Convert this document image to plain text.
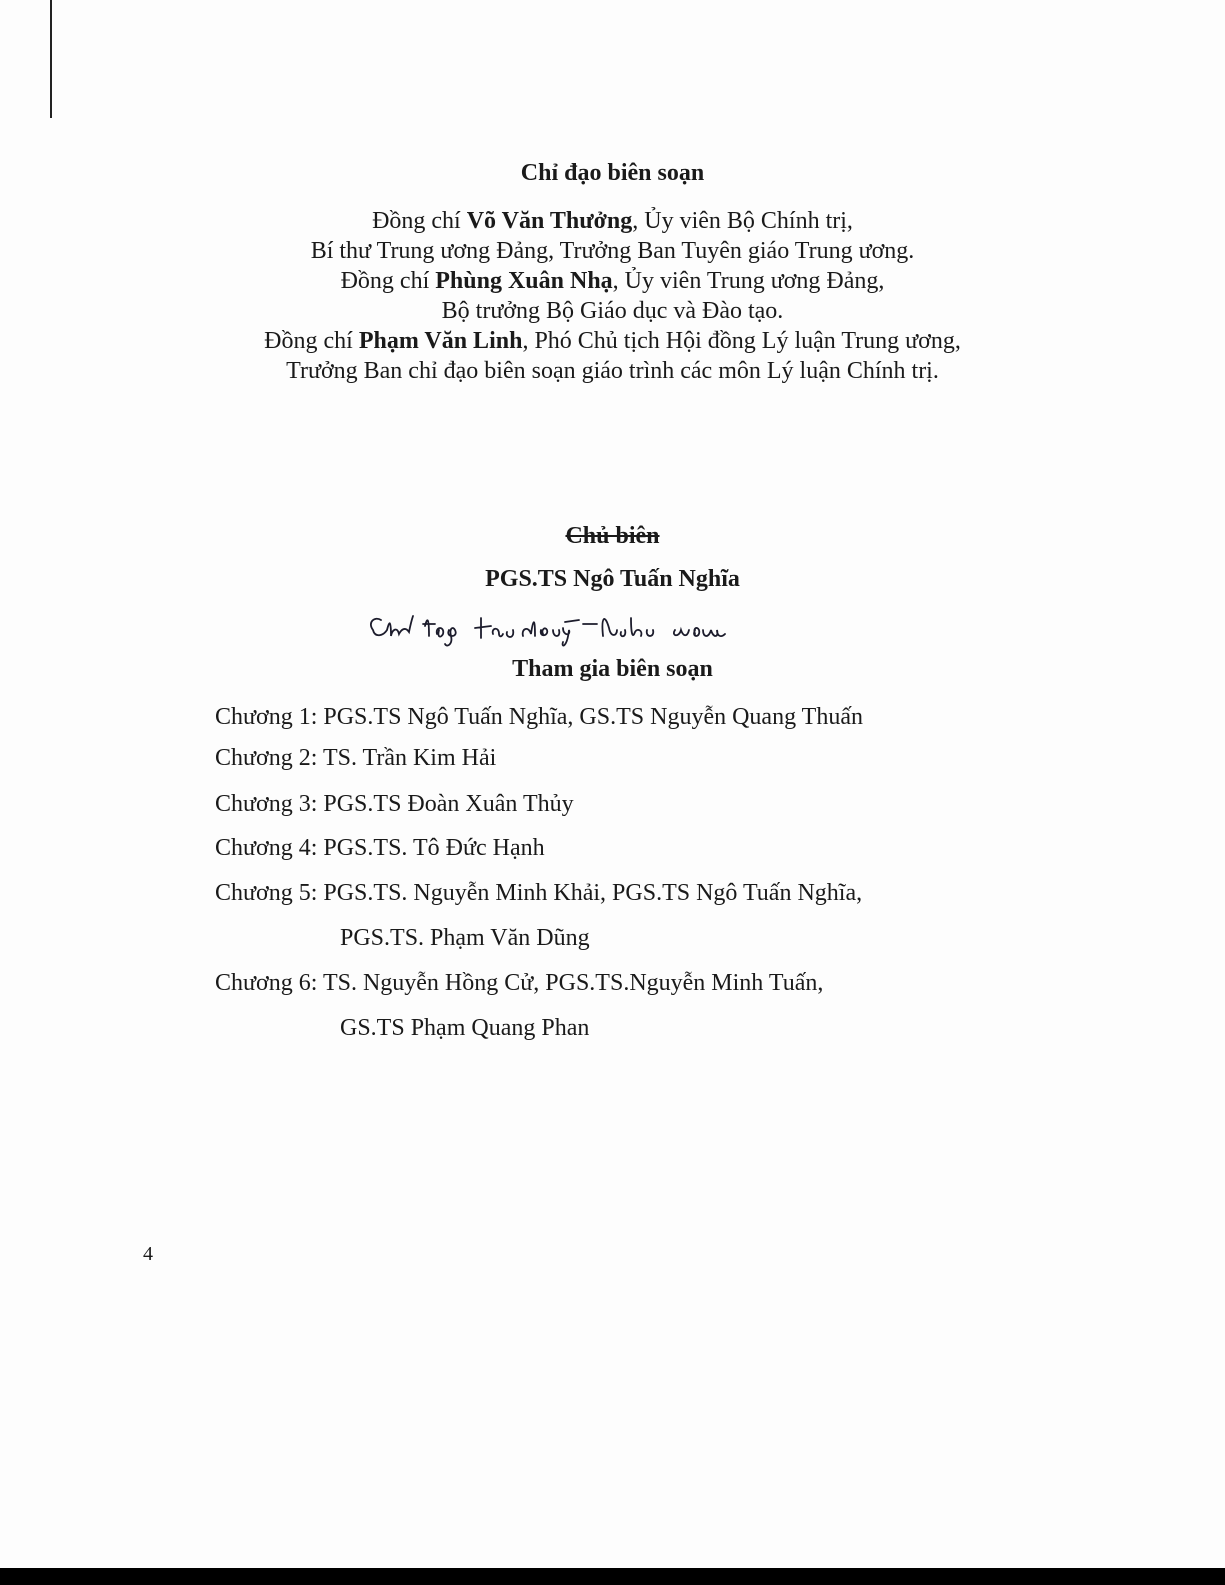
Chỉ đạo biên soạn
Đồng chí Võ Văn Thưởng, Ủy viên Bộ Chính trị,
Bí thư Trung ương Đảng, Trưởng Ban Tuyên giáo Trung ương.
Đồng chí Phùng Xuân Nhạ, Ủy viên Trung ương Đảng,
Bộ trưởng Bộ Giáo dục và Đào tạo.
Đồng chí Phạm Văn Linh, Phó Chủ tịch Hội đồng Lý luận Trung ương,
Trưởng Ban chỉ đạo biên soạn giáo trình các môn Lý luận Chính trị.
Chủ biên
PGS.TS Ngô Tuấn Nghĩa
Tham gia biên soạn
Chương 1: PGS.TS Ngô Tuấn Nghĩa, GS.TS Nguyễn Quang Thuấn
Chương 2: TS. Trần Kim Hải
Chương 3: PGS.TS Đoàn Xuân Thủy
Chương 4: PGS.TS. Tô Đức Hạnh
Chương 5: PGS.TS. Nguyễn Minh Khải, PGS.TS Ngô Tuấn Nghĩa,
PGS.TS. Phạm Văn Dũng
Chương 6: TS. Nguyễn Hồng Cử, PGS.TS.Nguyễn Minh Tuấn,
GS.TS Phạm Quang Phan
4
